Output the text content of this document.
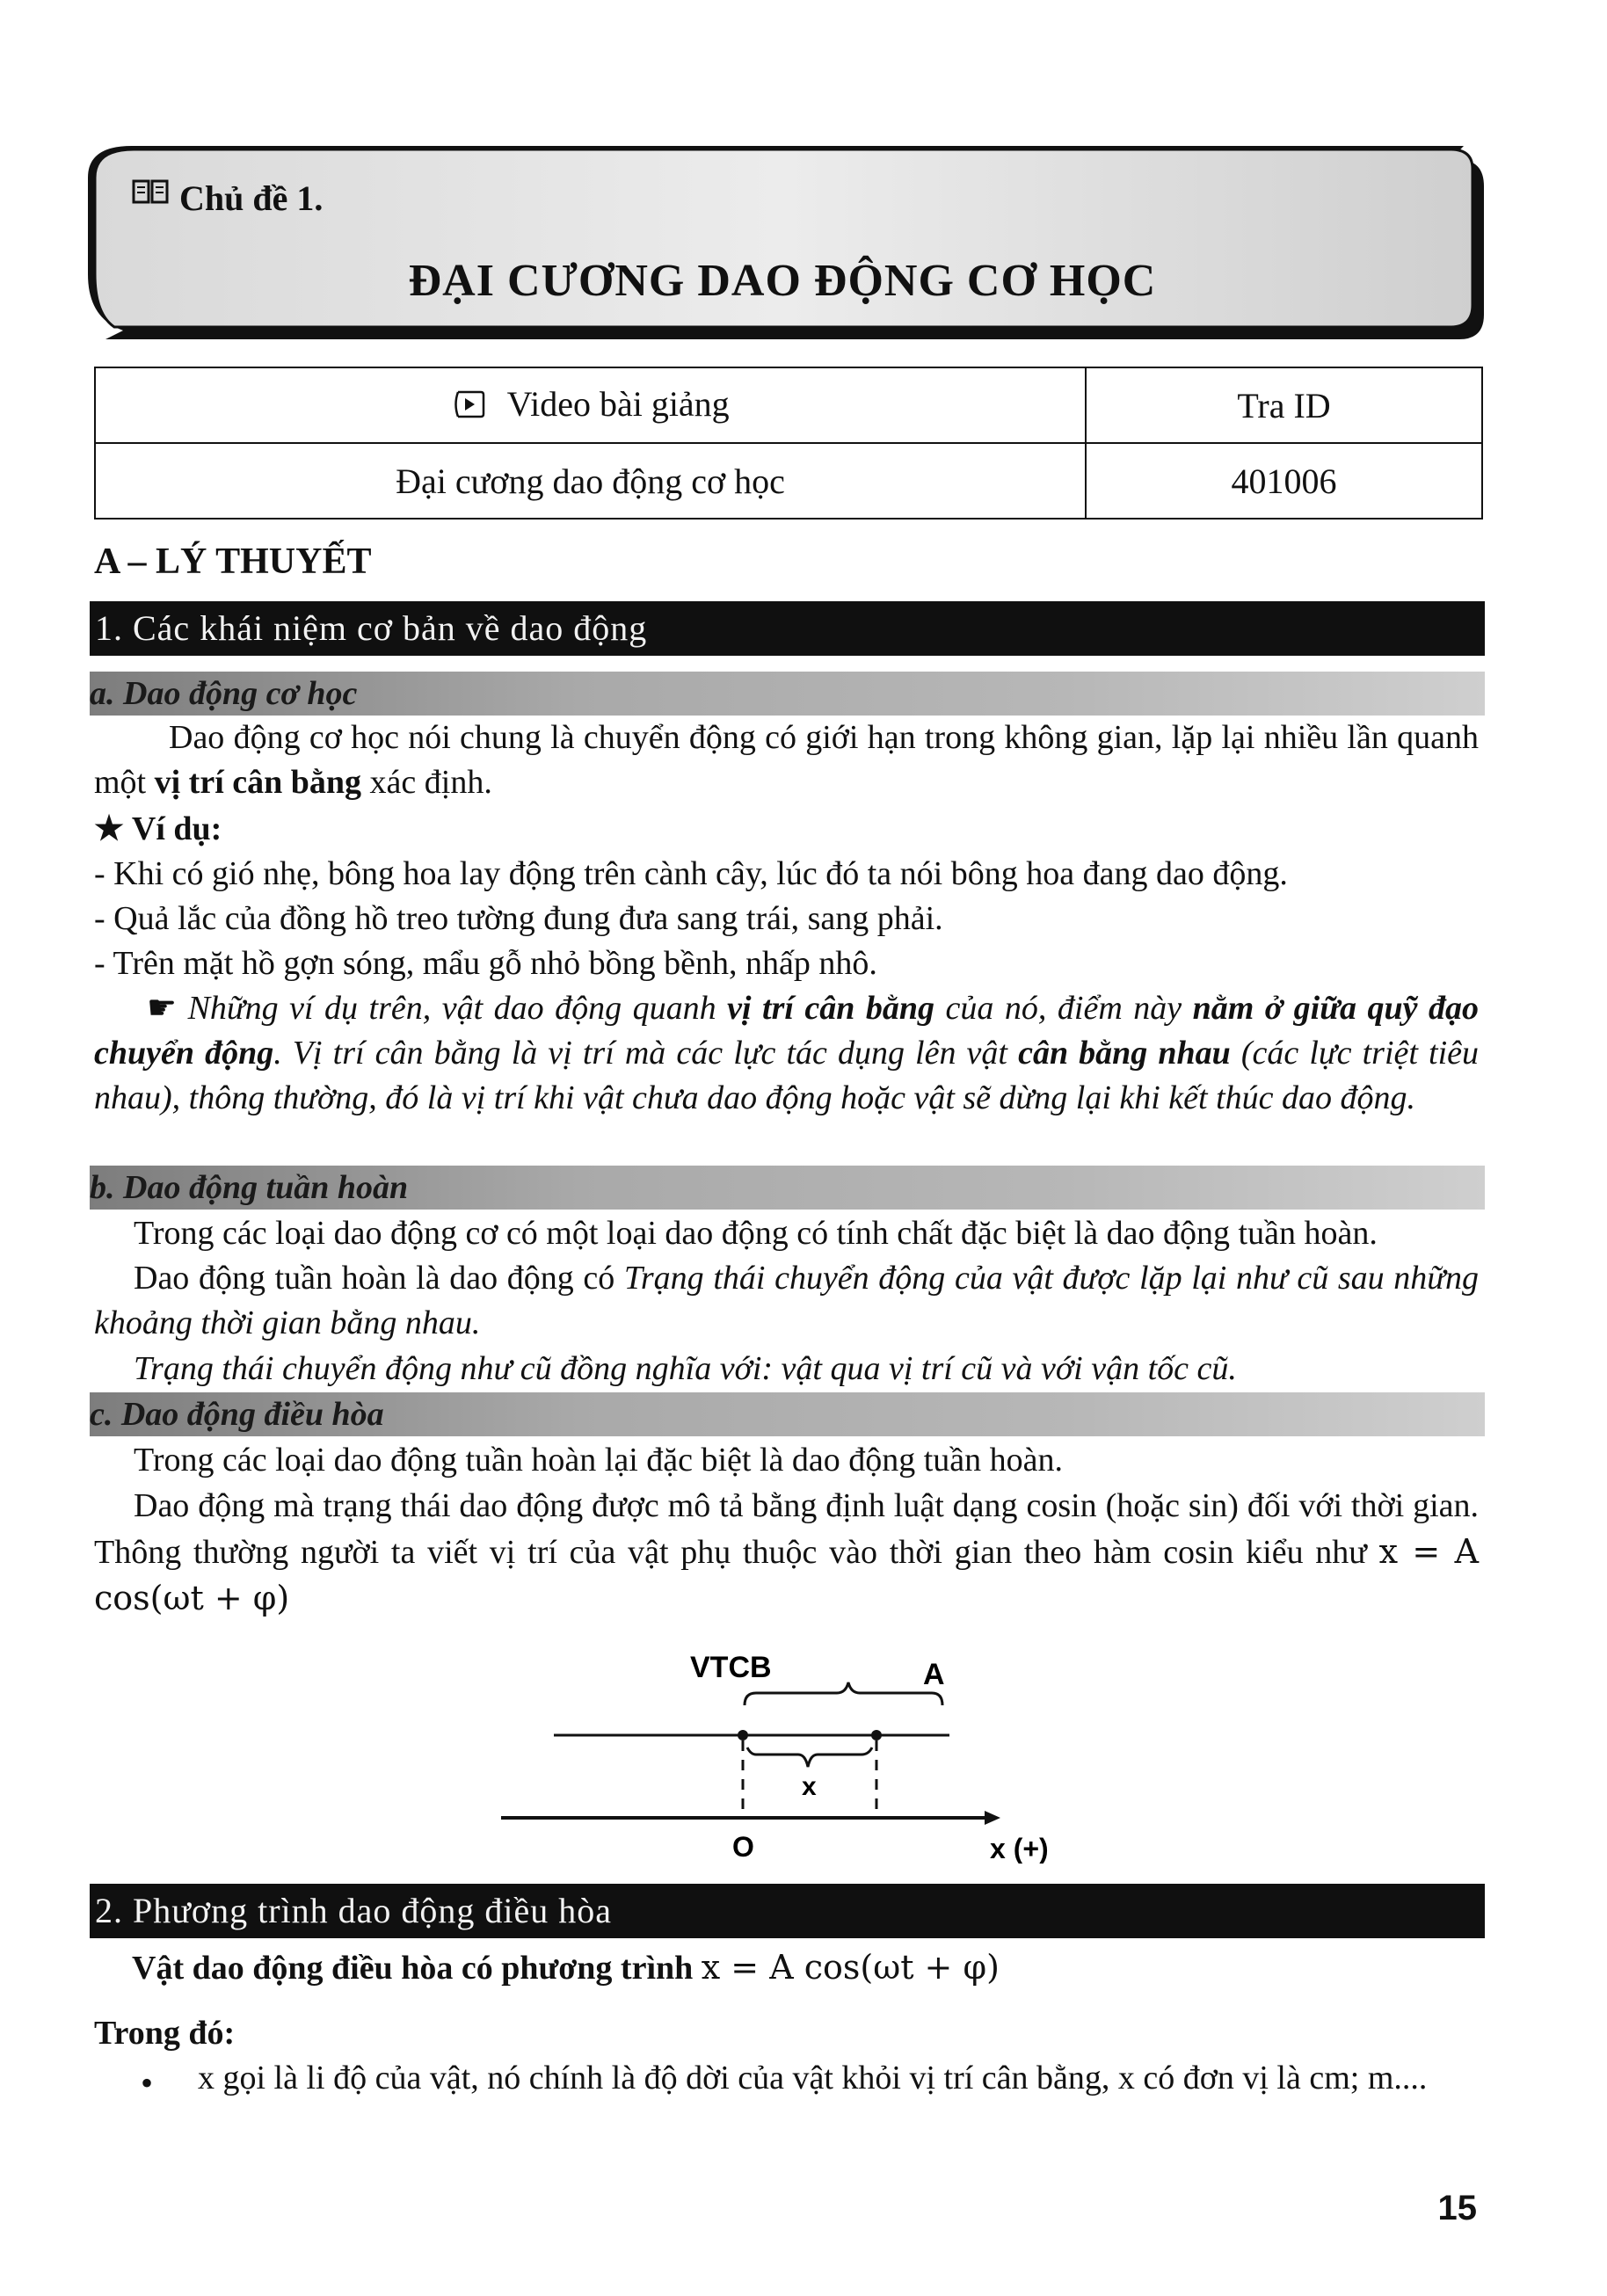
Chủ đề 1.
ĐẠI CƯƠNG DAO ĐỘNG CƠ HỌC
Video bài giảng	Tra ID
Đại cương dao động cơ học	401006
A – LÝ THUYẾT
1. Các khái niệm cơ bản về dao động
a. Dao động cơ học

Dao động cơ học nói chung là chuyển động có giới hạn trong không gian, lặp lại nhiều lần quanh một vị trí cân bằng xác định.

★ Ví dụ:

- Khi có gió nhẹ, bông hoa lay động trên cành cây, lúc đó ta nói bông hoa đang dao động.

- Quả lắc của đồng hồ treo tường đung đưa sang trái, sang phải.

- Trên mặt hồ gợn sóng, mẩu gỗ nhỏ bồng bềnh, nhấp nhô.

☛ Những ví dụ trên, vật dao động quanh vị trí cân bằng của nó, điểm này nằm ở giữa quỹ đạo chuyển động. Vị trí cân bằng là vị trí mà các lực tác dụng lên vật cân bằng nhau (các lực triệt tiêu nhau), thông thường, đó là vị trí khi vật chưa dao động hoặc vật sẽ dừng lại khi kết thúc dao động.

b. Dao động tuần hoàn

Trong các loại dao động cơ có một loại dao động có tính chất đặc biệt là dao động tuần hoàn.

Dao động tuần hoàn là dao động có Trạng thái chuyển động của vật được lặp lại như cũ sau những khoảng thời gian bằng nhau.

Trạng thái chuyển động như cũ đồng nghĩa với: vật qua vị trí cũ và với vận tốc cũ.

c. Dao động điều hòa

Trong các loại dao động tuần hoàn lại đặc biệt là dao động tuần hoàn.

Dao động mà trạng thái dao động được mô tả bằng định luật dạng cosin (hoặc sin) đối với thời gian. Thông thường người ta viết vị trí của vật phụ thuộc vào thời gian theo hàm cosin kiểu như x = A cos(ωt + φ)

VTCB	A
x
O	x (+)
2. Phương trình dao động điều hòa

Vật dao động điều hòa có phương trình x = A cos(ωt + φ)

Trong đó:

• x gọi là li độ của vật, nó chính là độ dời của vật khỏi vị trí cân bằng, x có đơn vị là cm; m....

15
